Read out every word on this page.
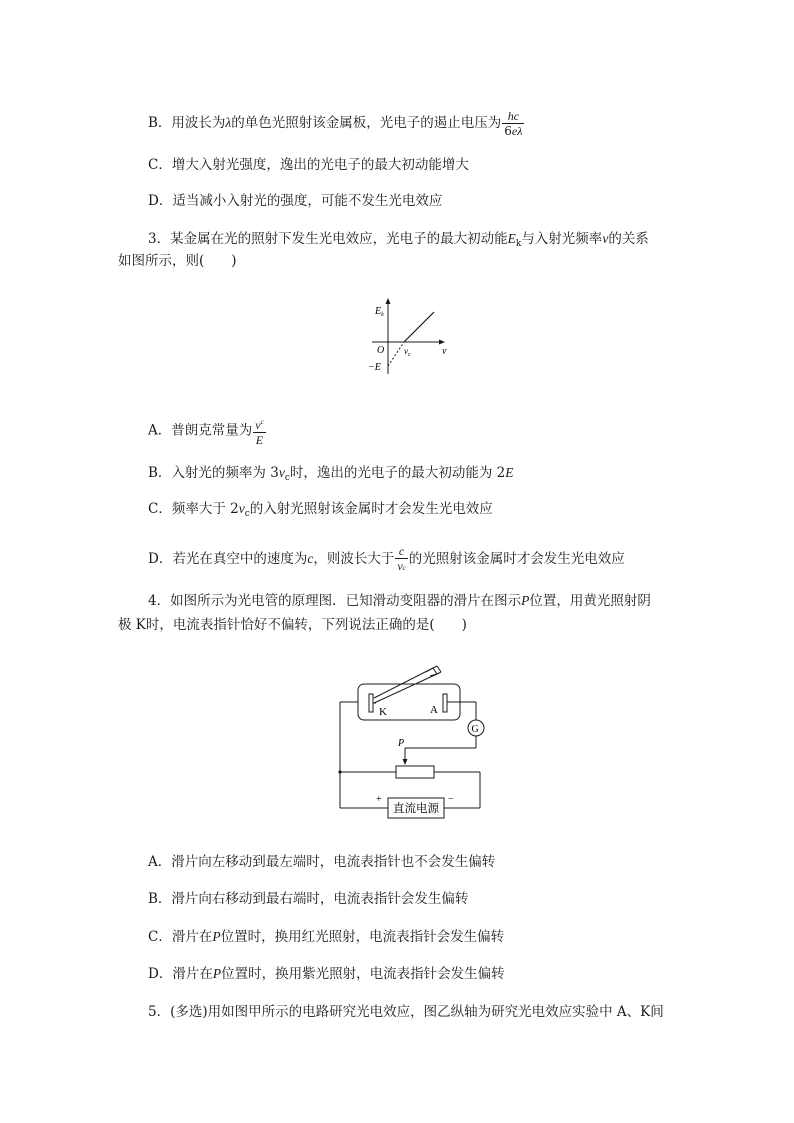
B．用波长为λ的单色光照射该金属板，光电子的遏止电压为 $\frac{hc}{6e\lambda}$
C．增大入射光强度，逸出的光电子的最大初动能增大
D．适当减小入射光的强度，可能不发生光电效应
3．某金属在光的照射下发生光电效应，光电子的最大初动能$E_k$与入射光频率ν的关系
如图所示，则(　　)
$E_k$
O	ν
$\nu_c$
−E
A．普朗克常量为 $\frac{\nu^c}{E}$
B．入射光的频率为 $3\nu_c$时，逸出的光电子的最大初动能为 2E
C．频率大于 $2\nu_c$的入射光照射该金属时才会发生光电效应
D．若光在真空中的速度为c，则波长大于 $\frac{c}{\nu c}$ 的光照射该金属时才会发生光电效应
4．如图所示为光电管的原理图．已知滑动变阻器的滑片在图示P位置，用黄光照射阴
极 K时，电流表指针恰好不偏转，下列说法正确的是(　　)
K	A
G
P
直流电源
+	−
A．滑片向左移动到最左端时，电流表指针也不会发生偏转
B．滑片向右移动到最右端时，电流表指针会发生偏转
C．滑片在P位置时，换用红光照射，电流表指针会发生偏转
D．滑片在P位置时，换用紫光照射，电流表指针会发生偏转
5．(多选)用如图甲所示的电路研究光电效应，图乙纵轴为研究光电效应实验中 A、K间
